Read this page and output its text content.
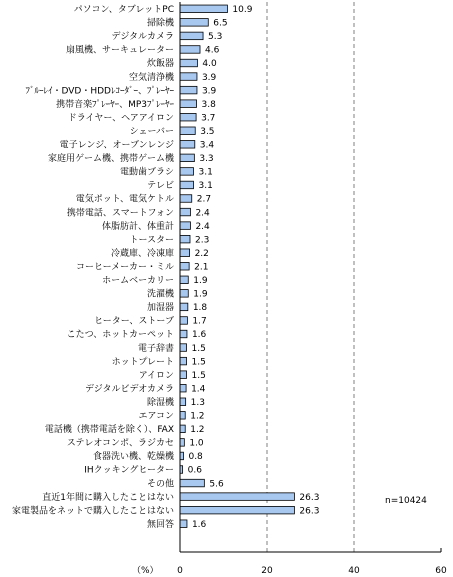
パソコン、タブレットPC
掃除機
デジタルカメラ
扇風機、サーキュレーター
炊飯器
空気清浄機
ﾌﾞﾙｰﾚｲ・DVD・HDDﾚｺｰﾀﾞｰ、ﾌﾟﾚｰﾔｰ
携帯音楽ﾌﾟﾚｰﾔｰ、MP3ﾌﾟﾚｰﾔｰ
ドライヤー、ヘアアイロン
シェーバー
電子レンジ、オーブンレンジ
家庭用ゲーム機、携帯ゲーム機
電動歯ブラシ
テレビ
電気ポット、電気ケトル
携帯電話、スマートフォン
体脂肪計、体重計
トースター
冷蔵庫、冷凍庫
コーヒーメーカー・ミル
ホームベーカリー
洗濯機
加湿器
ヒーター、ストーブ
こたつ、ホットカーペット
電子辞書
ホットプレート
アイロン
デジタルビデオカメラ
除湿機
エアコン
電話機（携帯電話を除く）、FAX
ステレオコンポ、ラジカセ
食器洗い機、乾燥機
IHクッキングヒーター
その他
直近1年間に購入したことはない
家電製品をネットで購入したことはない
無回答
10.9
6.5
5.3
4.6
4.0
3.9
3.9
3.8
3.7
3.5
3.4
3.3
3.1
3.1
2.7
2.4
2.4
2.3
2.2
2.1
1.9
1.9
1.8
1.7
1.6
1.5
1.5
1.5
1.4
1.3
1.2
1.2
1.0
0.8
0.6
5.6
26.3
26.3
1.6
0	20	40	60
n=10424
（%）
